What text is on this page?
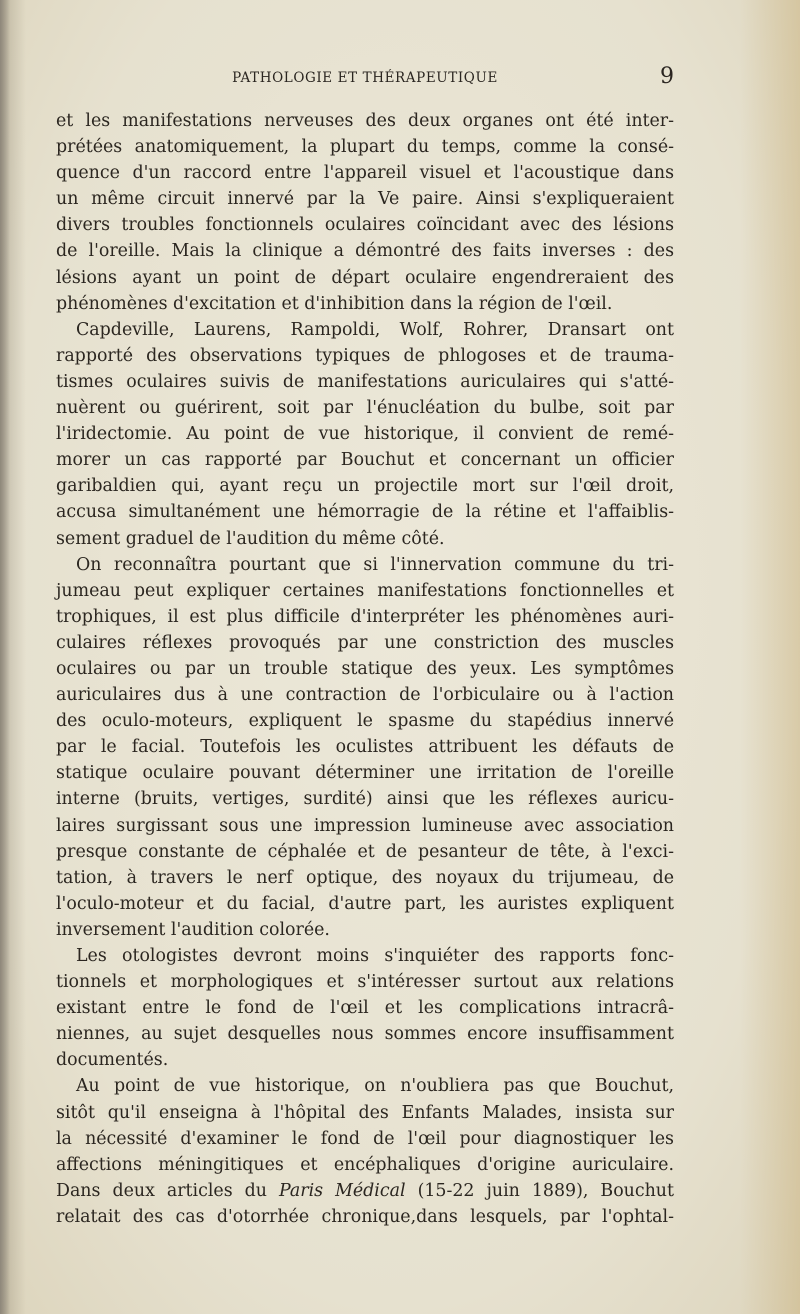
PATHOLOGIE ET THÉRAPEUTIQUE	9
et les manifestations nerveuses des deux organes ont été inter-
prétées anatomiquement, la plupart du temps, comme la consé-
quence d'un raccord entre l'appareil visuel et l'acoustique dans
un même circuit innervé par la Ve paire. Ainsi s'expliqueraient
divers troubles fonctionnels oculaires coïncidant avec des lésions
de l'oreille. Mais la clinique a démontré des faits inverses : des
lésions ayant un point de départ oculaire engendreraient des
phénomènes d'excitation et d'inhibition dans la région de l'œil.
Capdeville, Laurens, Rampoldi, Wolf, Rohrer, Dransart ont
rapporté des observations typiques de phlogoses et de trauma-
tismes oculaires suivis de manifestations auriculaires qui s'atté-
nuèrent ou guérirent, soit par l'énucléation du bulbe, soit par
l'iridectomie. Au point de vue historique, il convient de remé-
morer un cas rapporté par Bouchut et concernant un officier
garibaldien qui, ayant reçu un projectile mort sur l'œil droit,
accusa simultanément une hémorragie de la rétine et l'affaiblis-
sement graduel de l'audition du même côté.
On reconnaîtra pourtant que si l'innervation commune du tri-
jumeau peut expliquer certaines manifestations fonctionnelles et
trophiques, il est plus difficile d'interpréter les phénomènes auri-
culaires réflexes provoqués par une constriction des muscles
oculaires ou par un trouble statique des yeux. Les symptômes
auriculaires dus à une contraction de l'orbiculaire ou à l'action
des oculo-moteurs, expliquent le spasme du stapédius innervé
par le facial. Toutefois les oculistes attribuent les défauts de
statique oculaire pouvant déterminer une irritation de l'oreille
interne (bruits, vertiges, surdité) ainsi que les réflexes auricu-
laires surgissant sous une impression lumineuse avec association
presque constante de céphalée et de pesanteur de tête, à l'exci-
tation, à travers le nerf optique, des noyaux du trijumeau, de
l'oculo-moteur et du facial, d'autre part, les auristes expliquent
inversement l'audition colorée.
Les otologistes devront moins s'inquiéter des rapports fonc-
tionnels et morphologiques et s'intéresser surtout aux relations
existant entre le fond de l'œil et les complications intracrâ-
niennes, au sujet desquelles nous sommes encore insuffisamment
documentés.
Au point de vue historique, on n'oubliera pas que Bouchut,
sitôt qu'il enseigna à l'hôpital des Enfants Malades, insista sur
la nécessité d'examiner le fond de l'œil pour diagnostiquer les
affections méningitiques et encéphaliques d'origine auriculaire.
Dans deux articles du Paris Médical (15-22 juin 1889), Bouchut
relatait des cas d'otorrhée chronique,dans lesquels, par l'ophtal-
